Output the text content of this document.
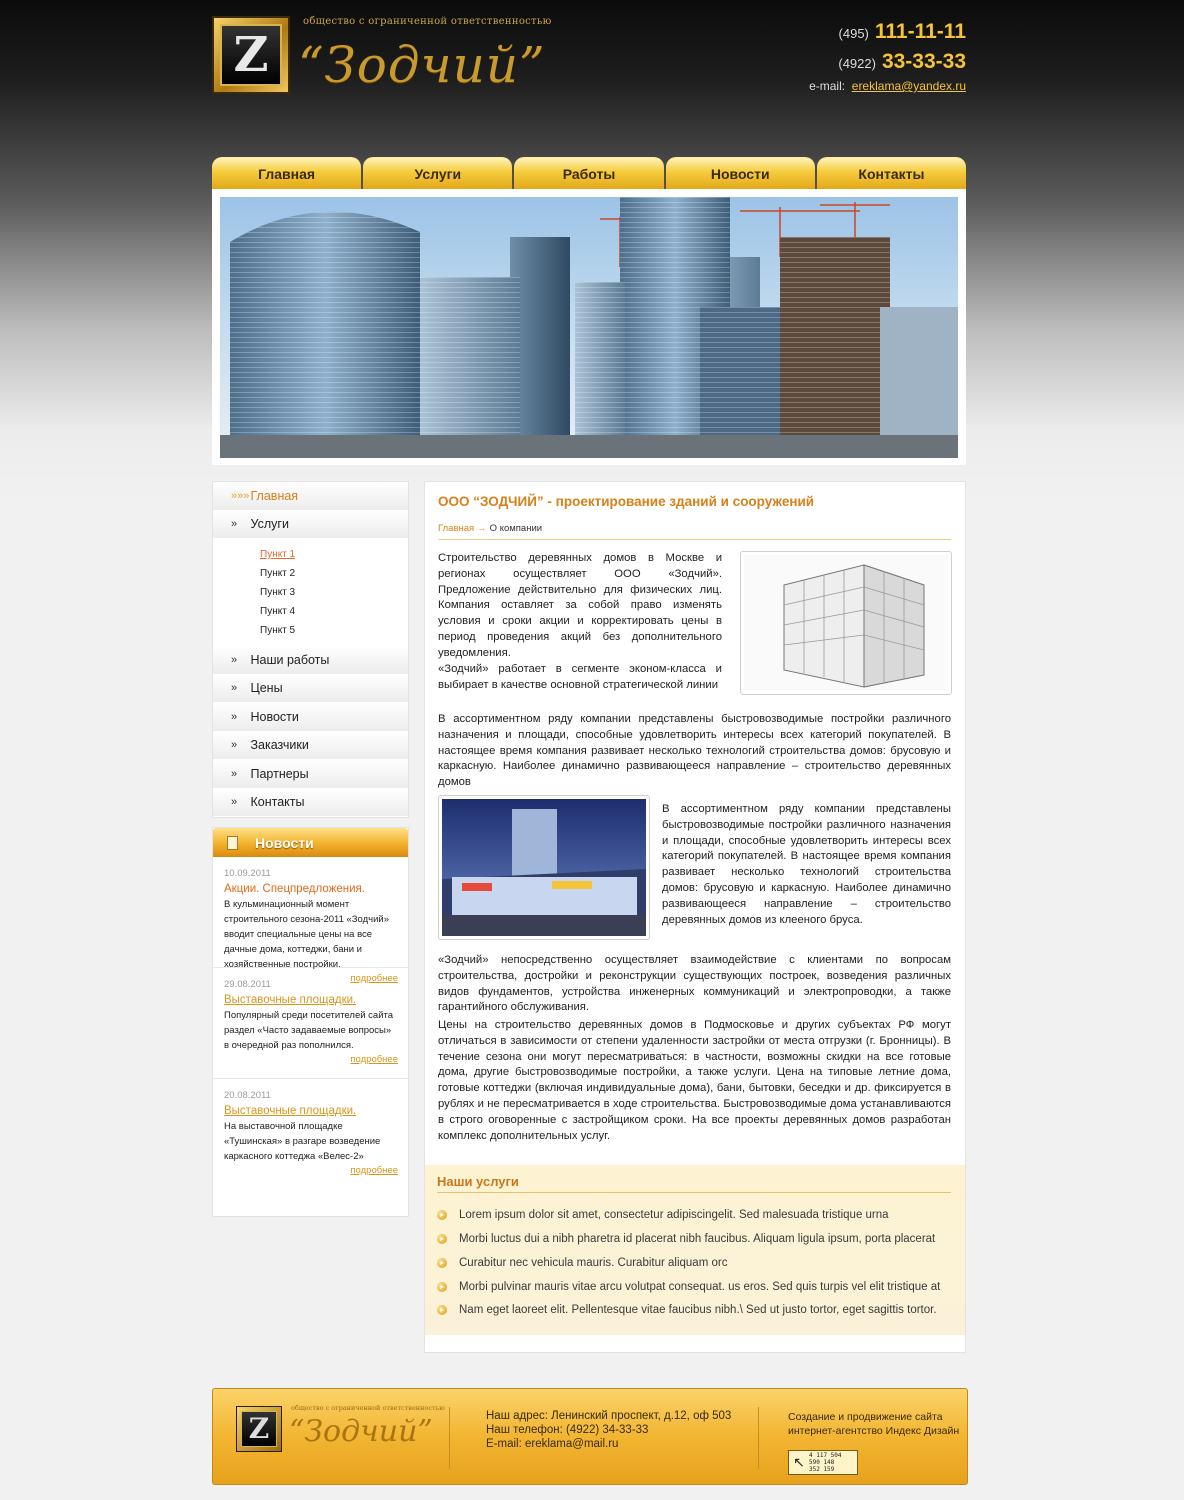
Z
общество с ограниченной ответственностью
“Зодчий”
(495) 111-11-11
(4922) 33-33-33
e-mail: ereklama@yandex.ru
Главная	Услуги	Работы	Новости	Контакты
»»»
Главная
»
	Услуги
Пункт 1
Пункт 2
Пункт 3
Пункт 4
Пункт 5
»
	Наши работы
»
	Цены
»
	Новости
»
	Заказчики
»
	Партнеры
»
	Контакты
Новости
10.09.2011
Акции. Спецпредложения.
В кульминационный момент строительного сезона-2011 «Зодчий» вводит специальные цены на все дачные дома, коттеджи, бани и хозяйственные постройки.
подробнее
29.08.2011
Выставочные площадки.
Популярный среди посетителей сайта раздел «Часто задаваемые вопросы» в очередной раз пополнился.
подробнее
20.08.2011
Выставочные площадки.
На выставочной площадке «Тушинская» в разгаре возведение каркасного коттеджа «Велес-2»
подробнее
ООО “ЗОДЧИЙ” - проектирование зданий и сооружений
Главная → О компании
Строительство деревянных домов в Москве и регионах осуществляет ООО «Зодчий». Предложение действительно для физических лиц. Компания оставляет за собой право изменять условия и сроки акции и корректировать цены в период проведения акций без дополнительного уведомления.
«Зодчий» работает в сегменте эконом-класса и выбирает в качестве основной стратегической линии
В ассортиментном ряду компании представлены быстровозводимые постройки различного назначения и площади, способные удовлетворить интересы всех категорий покупателей. В настоящее время компания развивает несколько технологий строительства домов: брусовую и каркасную. Наиболее динамично развивающееся направление – строительство деревянных домов
В ассортиментном ряду компании представлены быстровозводимые постройки различного назначения и площади, способные удовлетворить интересы всех категорий покупателей. В настоящее время компания развивает несколько технологий строительства домов: брусовую и каркасную. Наиболее динамично развивающееся направление – строительство деревянных домов из клееного бруса.
«Зодчий» непосредственно осуществляет взаимодействие с клиентами по вопросам строительства, достройки и реконструкции существующих построек, возведения различных видов фундаментов, устройства инженерных коммуникаций и электропроводки, а также гарантийного обслуживания.
Цены на строительство деревянных домов в Подмосковье и других субъектах РФ могут отличаться в зависимости от степени удаленности застройки от места отгрузки (г. Бронницы). В течение сезона они могут пересматриваться: в частности, возможны скидки на все готовые дома, другие быстровозводимые постройки, а также услуги. Цена на типовые летние дома, готовые коттеджи (включая индивидуальные дома), бани, бытовки, беседки и др. фиксируется в рублях и не пересматривается в ходе строительства. Быстровозводимые дома устанавливаются в строго оговоренные с застройщиком сроки. На все проекты деревянных домов разработан комплекс дополнительных услуг.
Наши услуги
Lorem ipsum dolor sit amet, consectetur adipiscingelit. Sed malesuada tristique urna
Morbi luctus dui a nibh pharetra id placerat nibh faucibus. Aliquam ligula ipsum, porta placerat
Curabitur nec vehicula mauris. Curabitur aliquam orc
Morbi pulvinar mauris vitae arcu volutpat consequat. us eros. Sed quis turpis vel elit tristique at
Nam eget laoreet elit. Pellentesque vitae faucibus nibh.\ Sed ut justo tortor, eget sagittis tortor.
Z
общество с ограниченной ответственностью
“Зодчий”	Наш адрес: Ленинский проспект, д.12, оф 503
Наш телефон: (4922) 34-33-33
E-mail: ereklama@mail.ru
Создание и продвижение сайта
интернет-агентство Индекс Дизайн
↖ 4 117 504
590 148
352 159
